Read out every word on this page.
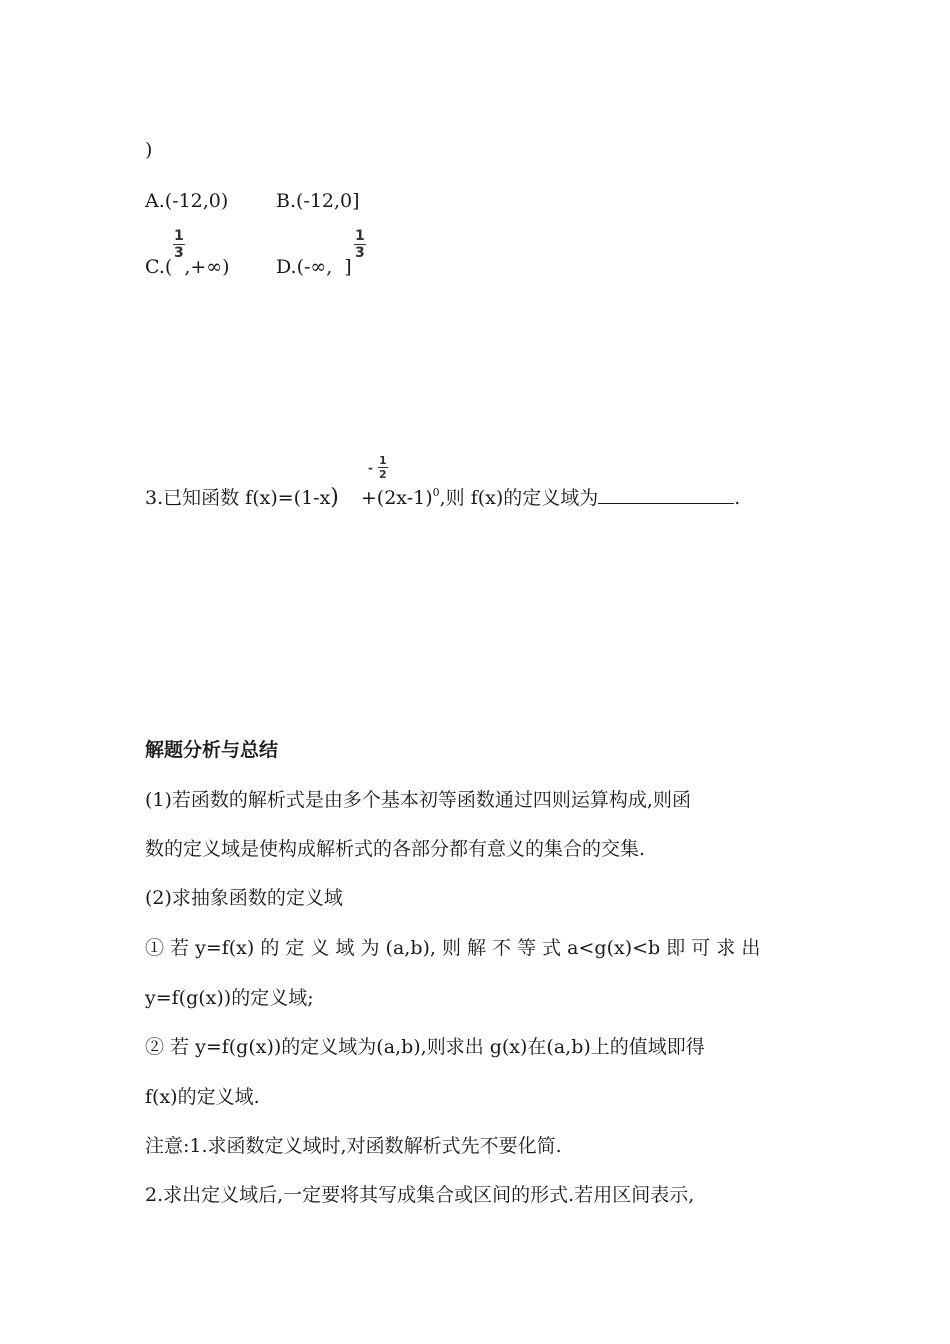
)
A.(-12,0)	B.(-12,0]
C.( ,+∞)
$\frac{1}{3}$
D.(-∞, ]
$\frac{1}{3}$
3.已知函数 $f(x)=(1-x) +(2x-1)^0$,则 f(x)的定义域为	.
- $\frac{1}{2}$
解题分析与总结
(1)若函数的解析式是由多个基本初等函数通过四则运算构成,则函
数的定义域是使构成解析式的各部分都有意义的集合的交集.
(2)求抽象函数的定义域
① 若 y=f(x) 的 定 义 域 为 (a,b), 则 解 不 等 式 a<g(x)<b 即 可 求 出
y=f(g(x))的定义域;
② 若 y=f(g(x))的定义域为(a,b),则求出 g(x)在(a,b)上的值域即得
f(x)的定义域.
注意:1.求函数定义域时,对函数解析式先不要化简.
2.求出定义域后,一定要将其写成集合或区间的形式.若用区间表示,
